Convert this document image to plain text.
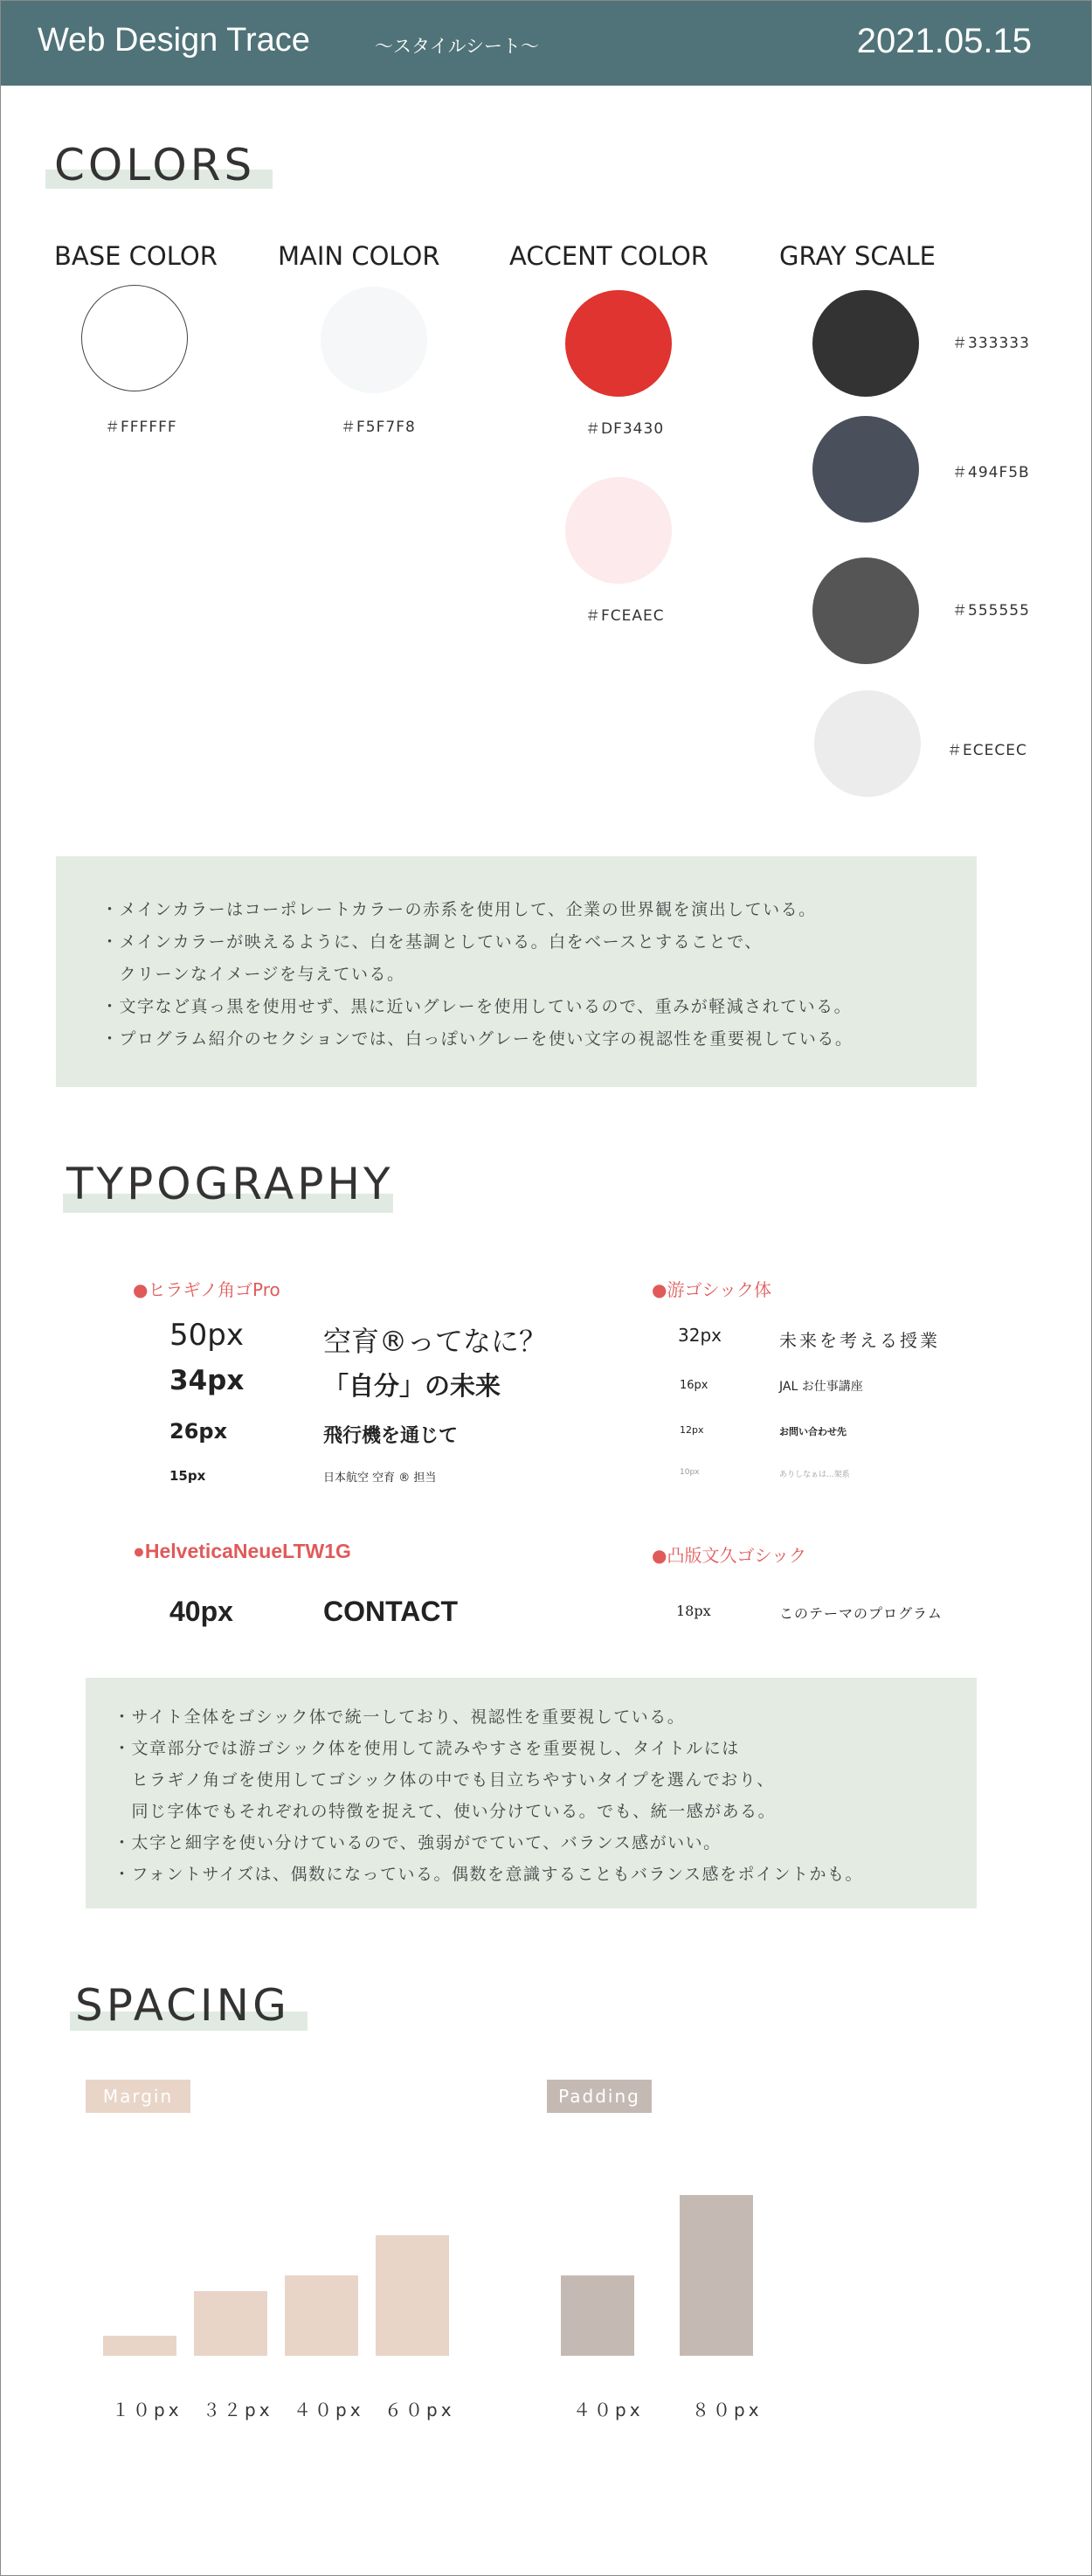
Web Design Trace	〜スタイルシート〜	2021.05.15
COLORS
BASE COLOR
＃FFFFFF
MAIN COLOR
＃F5F7F8
ACCENT COLOR
＃DF3430
＃FCEAEC
GRAY SCALE
＃333333
＃494F5B
＃555555
＃ECECEC
・メインカラーはコーポレートカラーの赤系を使用して、企業の世界観を演出している。
・メインカラーが映えるように、白を基調としている。白をベースとすることで、
　クリーンなイメージを与えている。
・文字など真っ黒を使用せず、黒に近いグレーを使用しているので、重みが軽減されている。
・プログラム紹介のセクションでは、白っぽいグレーを使い文字の視認性を重要視している。
TYPOGRAPHY
●ヒラギノ角ゴPro
50px	空育®ってなに？
34px	「自分」の未来
26px	飛行機を通じて
15px	日本航空 空育 ® 担当
●游ゴシック体
32px	未来を考える授業
16px	JAL お仕事講座
12px	お問い合わせ先
10px	ありしなぁは...架系
●HelveticaNeueLTW1G
40px	CONTACT
●凸版文久ゴシック
18px	このテーマのプログラム
・サイト全体をゴシック体で統一しており、視認性を重要視している。
・文章部分では游ゴシック体を使用して読みやすさを重要視し、タイトルには
　ヒラギノ角ゴを使用してゴシック体の中でも目立ちやすいタイプを選んでおり、
　同じ字体でもそれぞれの特徴を捉えて、使い分けている。でも、統一感がある。
・太字と細字を使い分けているので、強弱がでていて、バランス感がいい。
・フォントサイズは、偶数になっている。偶数を意識することもバランス感をポイントかも。
SPACING
Margin	Padding
１０px ３２px ４０px ６０px	４０px	８０px
